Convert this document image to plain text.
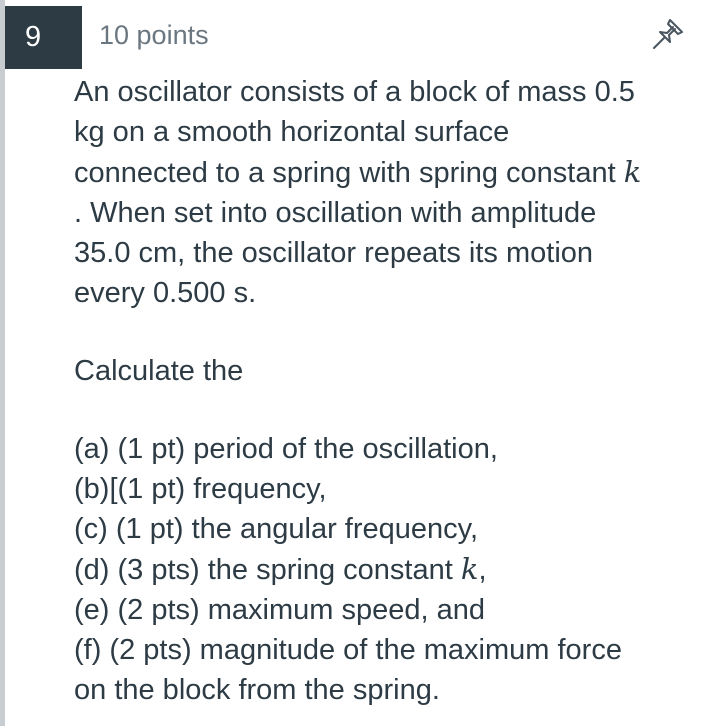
9	10 points

An oscillator consists of a block of mass 0.5
kg on a smooth horizontal surface
connected to a spring with spring constant k
. When set into oscillation with amplitude
35.0 cm, the oscillator repeats its motion
every 0.500 s.

Calculate the

(a) (1 pt) period of the oscillation,
(b)[(1 pt) frequency,
(c) (1 pt) the angular frequency,
(d) (3 pts) the spring constant k,
(e) (2 pts) maximum speed, and
(f) (2 pts) magnitude of the maximum force
on the block from the spring.
